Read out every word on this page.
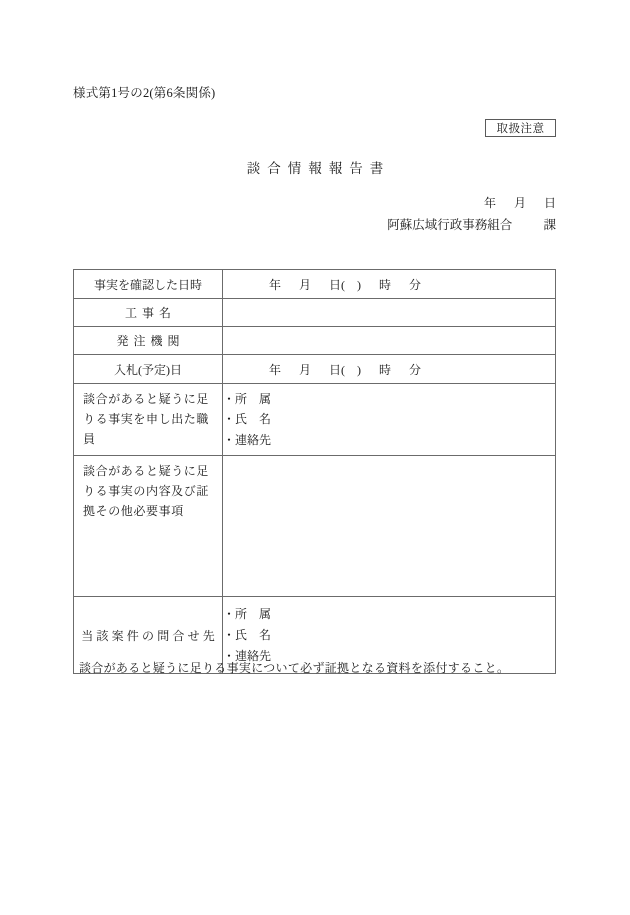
様式第1号の2(第6条関係)
取扱注意
談合情報報告書
年      月      日
阿蘇広域行政事務組合          課
事実を確認した日時	年      月      日(    )      時      分
工事名	
発注機関	
入札(予定)日	年      月      日(    )      時      分
談合があると疑うに足りる事実を申し出た職員	・所　属
・氏　名
・連絡先

談合があると疑うに足りる事実の内容及び証拠その他必要事項	
当該案件の問合せ先	・所　属
・氏　名
・連絡先
談合があると疑うに足りる事実について必ず証拠となる資料を添付すること。
